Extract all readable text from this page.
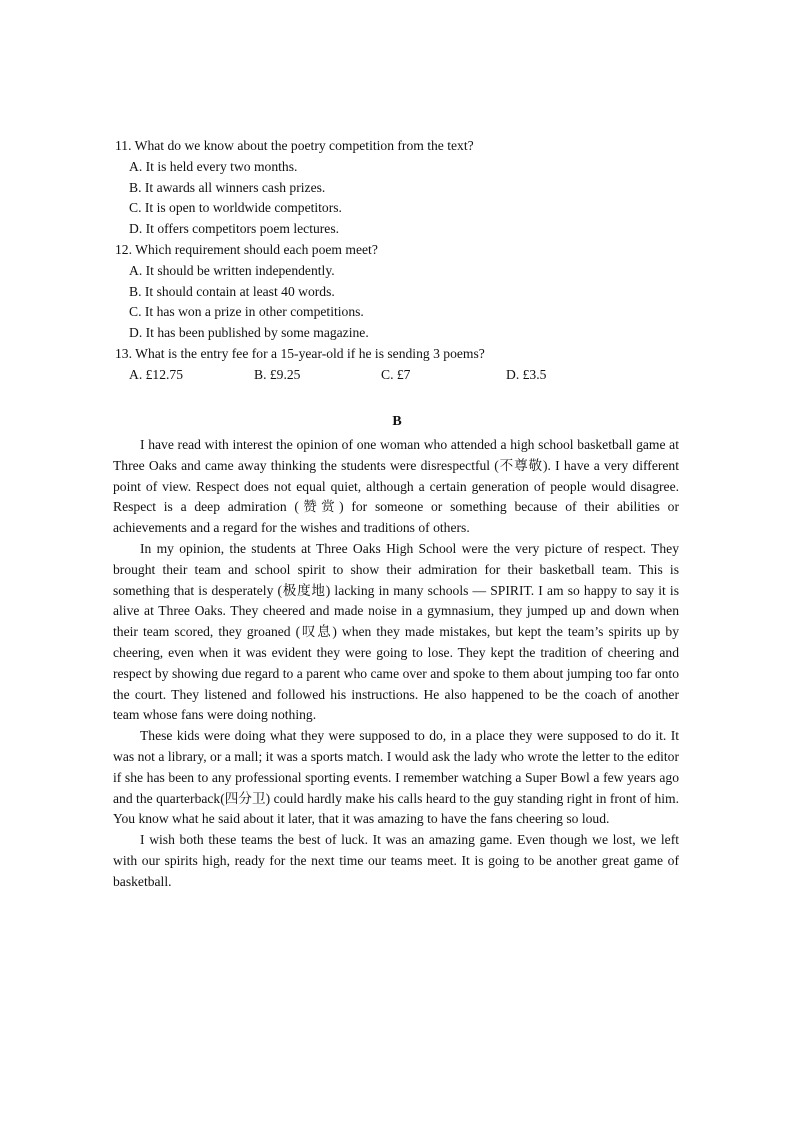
11. What do we know about the poetry competition from the text?
A. It is held every two months.
B. It awards all winners cash prizes.
C. It is open to worldwide competitors.
D. It offers competitors poem lectures.
12. Which requirement should each poem meet?
A. It should be written independently.
B. It should contain at least 40 words.
C. It has won a prize in other competitions.
D. It has been published by some magazine.
13. What is the entry fee for a 15-year-old if he is sending 3 poems?
A. £12.75	B. £9.25	C. £7	D. £3.5
B

I have read with interest the opinion of one woman who attended a high school basketball game at Three Oaks and came away thinking the students were disrespectful (不尊敬). I have a very different point of view. Respect does not equal quiet, although a certain generation of people would disagree. Respect is a deep admiration (赞赏) for someone or something because of their abilities or achievements and a regard for the wishes and traditions of others.

In my opinion, the students at Three Oaks High School were the very picture of respect. They brought their team and school spirit to show their admiration for their basketball team. This is something that is desperately (极度地) lacking in many schools — SPIRIT. I am so happy to say it is alive at Three Oaks. They cheered and made noise in a gymnasium, they jumped up and down when their team scored, they groaned (叹息) when they made mistakes, but kept the team’s spirits up by cheering, even when it was evident they were going to lose. They kept the tradition of cheering and respect by showing due regard to a parent who came over and spoke to them about jumping too far onto the court. They listened and followed his instructions. He also happened to be the coach of another team whose fans were doing nothing.

These kids were doing what they were supposed to do, in a place they were supposed to do it. It was not a library, or a mall; it was a sports match. I would ask the lady who wrote the letter to the editor if she has been to any professional sporting events. I remember watching a Super Bowl a few years ago and the quarterback(四分卫) could hardly make his calls heard to the guy standing right in front of him. You know what he said about it later, that it was amazing to have the fans cheering so loud.

I wish both these teams the best of luck. It was an amazing game. Even though we lost, we left with our spirits high, ready for the next time our teams meet. It is going to be another great game of basketball.
